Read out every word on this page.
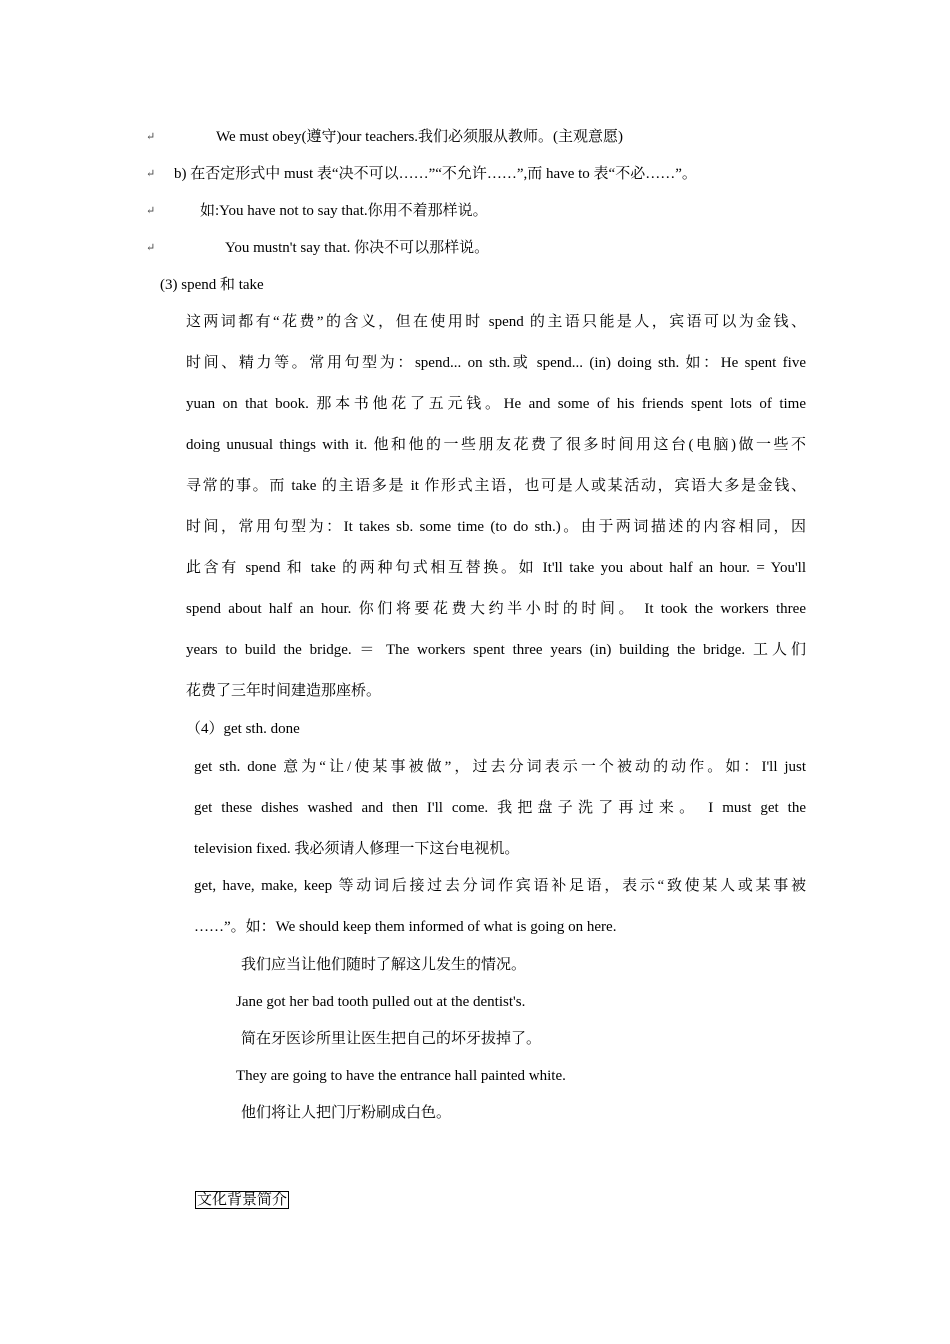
↵	We must obey(遵守)our teachers.我们必须服从教师。(主观意愿)
↵ b) 在否定形式中 must 表“决不可以……”“不允许……”,而 have to 表“不必……”。
↵	如:You have not to say that.你用不着那样说。
↵	You mustn't say that. 你决不可以那样说。
(3) spend 和 take
这两词都有“花费”的含义，但在使用时 spend 的主语只能是人，宾语可以为金钱、
时间、精力等。常用句型为：spend... on sth.或 spend... (in) doing sth. 如：He spent five
yuan on that book. 那本书他花了五元钱。He and some of his friends spent lots of time
doing unusual things with it. 他和他的一些朋友花费了很多时间用这台(电脑)做一些不
寻常的事。而 take 的主语多是 it 作形式主语，也可是人或某活动，宾语大多是金钱、
时间，常用句型为：It takes sb. some time (to do sth.)。由于两词描述的内容相同，因
此含有 spend 和 take 的两种句式相互替换。如 It'll take you about half an hour. = You'll
spend about half an hour. 你们将要花费大约半小时的时间。 It took the workers three
years to build the bridge. ＝ The workers spent three years (in) building the bridge. 工人们
花费了三年时间建造那座桥。
（4）get sth. done
get sth. done 意为“让/使某事被做”，过去分词表示一个被动的动作。如：I'll just
get these dishes washed and then I'll come. 我把盘子洗了再过来。 I must get the
television fixed. 我必须请人修理一下这台电视机。
get, have, make, keep 等动词后接过去分词作宾语补足语，表示“致使某人或某事被
……”。如：We should keep them informed of what is going on here.
我们应当让他们随时了解这儿发生的情况。
Jane got her bad tooth pulled out at the dentist's.
简在牙医诊所里让医生把自己的坏牙拔掉了。
They are going to have the entrance hall painted white.
他们将让人把门厅粉刷成白色。
文化背景简介
